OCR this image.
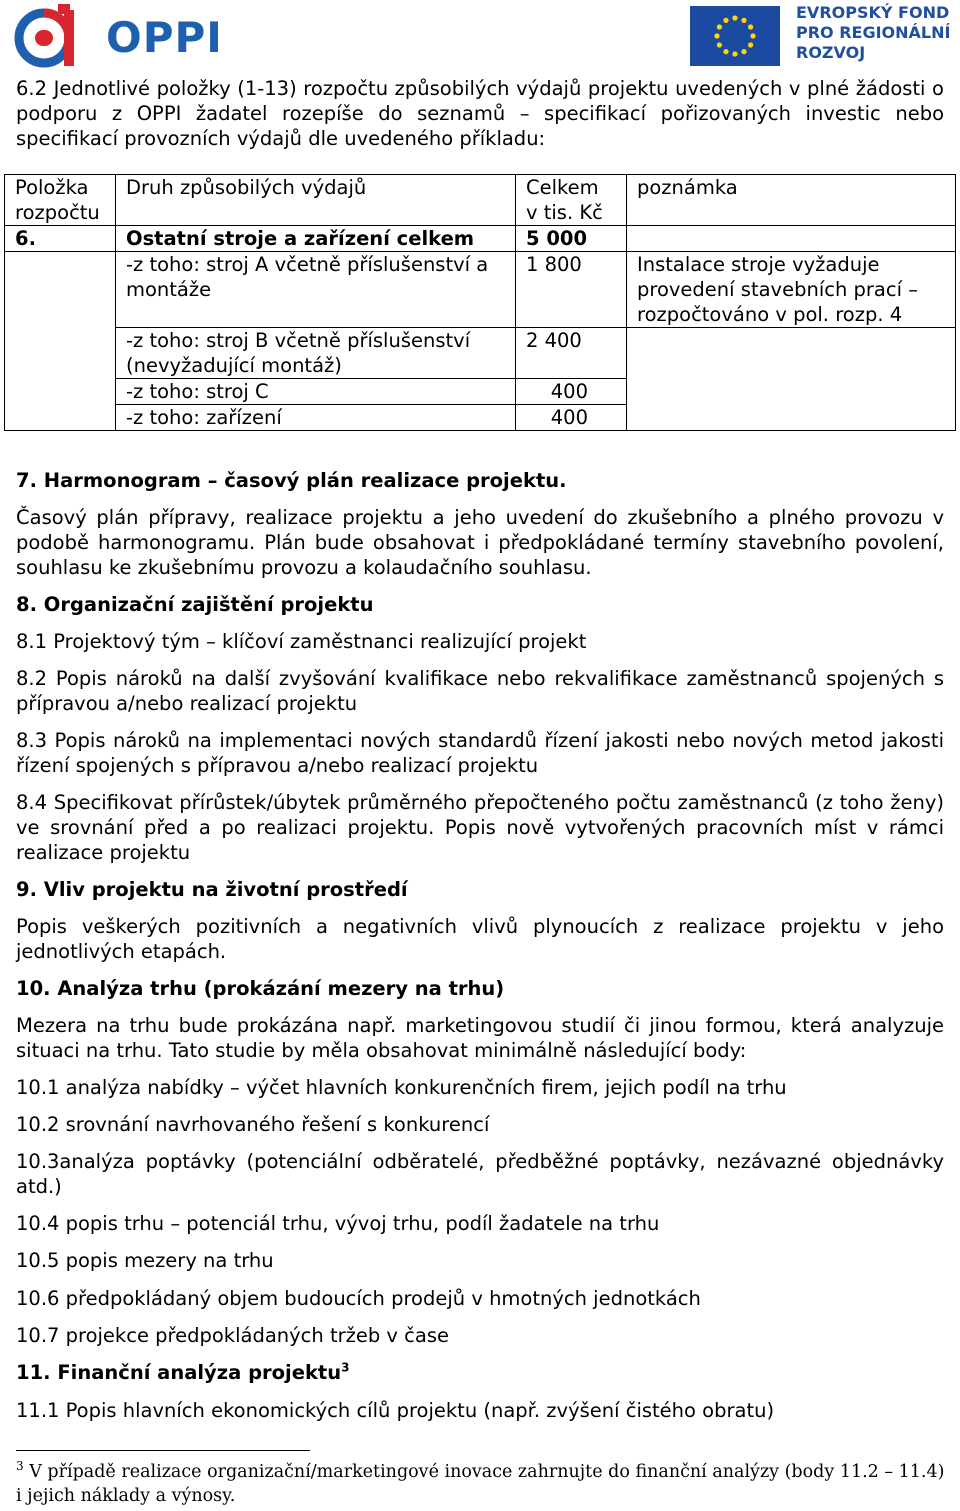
OPPI
EVROPSKÝ FOND
PRO REGIONÁLNÍ
ROZVOJ
6.2 Jednotlivé položky (1-13) rozpočtu způsobilých výdajů projektu uvedených v plné žádosti o podporu z OPPI žadatel rozepíše do seznamů – specifikací pořizovaných investic nebo specifikací provozních výdajů dle uvedeného příkladu:
Položka rozpočtu	Druh způsobilých výdajů	Celkem v tis. Kč	poznámka
6.	Ostatní stroje a zařízení celkem	5 000	
	-z toho: stroj A včetně příslušenství a montáže	1 800	Instalace stroje vyžaduje provedení stavebních prací – rozpočtováno v pol. rozp. 4
	-z toho: stroj B včetně příslušenství (nevyžadující montáž)	2 400	
	-z toho: stroj C	400	
	-z toho: zařízení	400	
7. Harmonogram – časový plán realizace projektu.
Časový plán přípravy, realizace projektu a jeho uvedení do zkušebního a plného provozu v podobě harmonogramu. Plán bude obsahovat i předpokládané termíny stavebního povolení, souhlasu ke zkušebnímu provozu a kolaudačního souhlasu.
8. Organizační zajištění projektu
8.1 Projektový tým – klíčoví zaměstnanci realizující projekt
8.2 Popis nároků na další zvyšování kvalifikace nebo rekvalifikace zaměstnanců spojených s přípravou a/nebo realizací projektu
8.3 Popis nároků na implementaci nových standardů řízení jakosti nebo nových metod jakosti řízení spojených s přípravou a/nebo realizací projektu
8.4 Specifikovat přírůstek/úbytek průměrného přepočteného počtu zaměstnanců (z toho ženy) ve srovnání před a po realizaci projektu. Popis nově vytvořených pracovních míst v rámci realizace projektu
9. Vliv projektu na životní prostředí
Popis veškerých pozitivních a negativních vlivů plynoucích z realizace projektu v jeho jednotlivých etapách.
10. Analýza trhu (prokázání mezery na trhu)
Mezera na trhu bude prokázána např. marketingovou studií či jinou formou, která analyzuje situaci na trhu. Tato studie by měla obsahovat minimálně následující body:
10.1 analýza nabídky – výčet hlavních konkurenčních firem, jejich podíl na trhu
10.2 srovnání navrhovaného řešení s konkurencí
10.3analýza poptávky (potenciální odběratelé, předběžné poptávky, nezávazné objednávky atd.)
10.4 popis trhu – potenciál trhu, vývoj trhu, podíl žadatele na trhu
10.5 popis mezery na trhu
10.6 předpokládaný objem budoucích prodejů v hmotných jednotkách
10.7 projekce předpokládaných tržeb v čase
11. Finanční analýza projektu$^3$
11.1 Popis hlavních ekonomických cílů projektu (např. zvýšení čistého obratu)
$^3$ V případě realizace organizační/marketingové inovace zahrnujte do finanční analýzy (body 11.2 – 11.4) i jejich náklady a výnosy.
